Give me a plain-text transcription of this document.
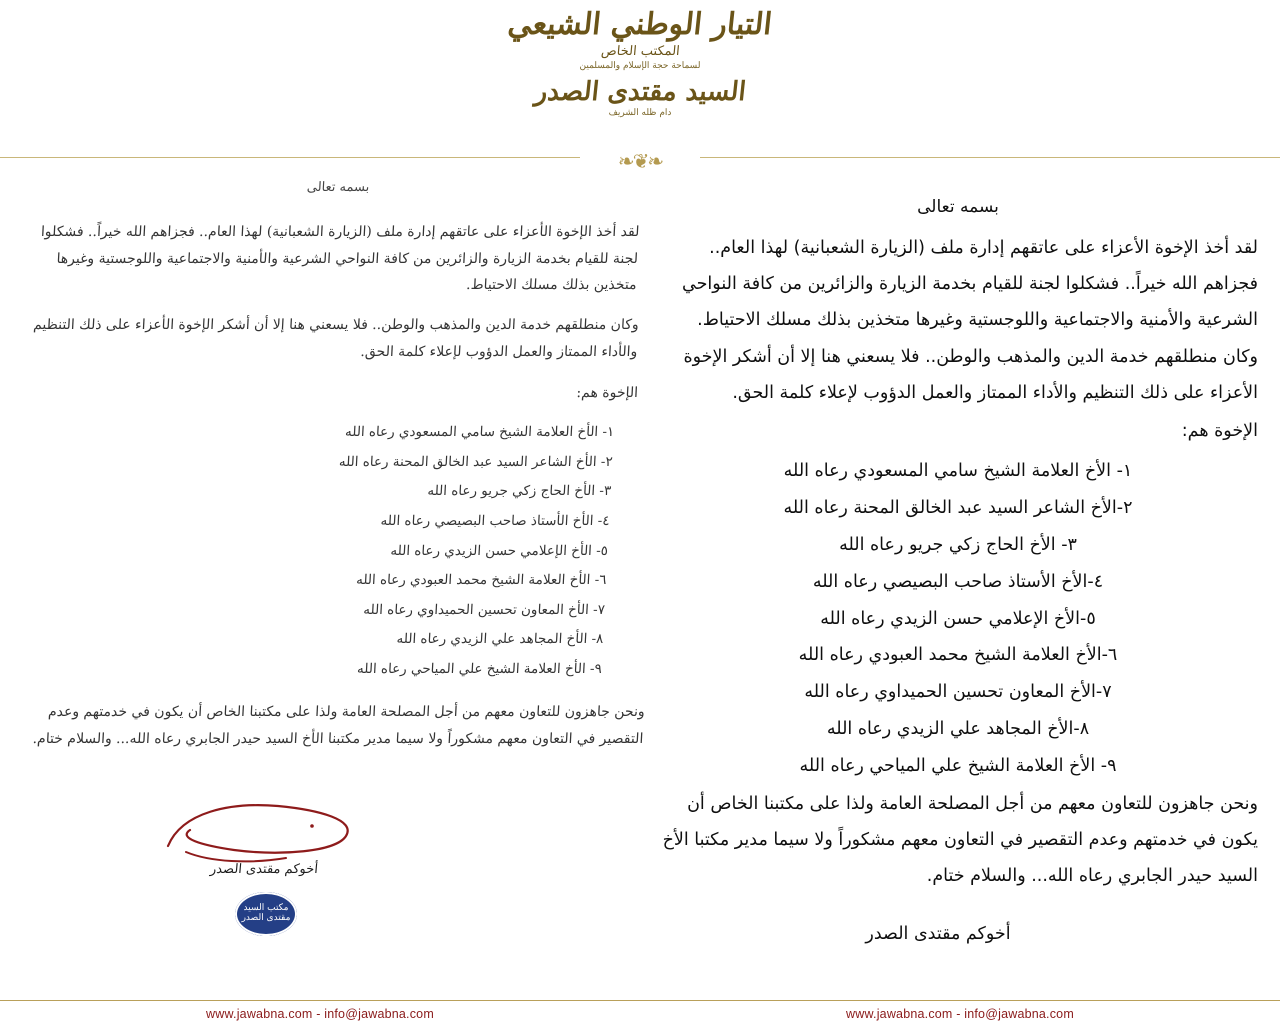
التيار الوطني الشيعي
المكتب الخاص
لسماحة حجة الإسلام والمسلمين
السيد مقتدى الصدر
دام ظله الشريف
❧❦❧
بسمه تعالى

لقد أخذ الإخوة الأعزاء على عاتقهم إدارة ملف (الزيارة الشعبانية) لهذا العام.. فجزاهم الله خيراً.. فشكلوا لجنة للقيام بخدمة الزيارة والزائرين من كافة النواحي الشرعية والأمنية والاجتماعية واللوجستية وغيرها متخذين بذلك مسلك الاحتياط.

وكان منطلقهم خدمة الدين والمذهب والوطن.. فلا يسعني هنا إلا أن أشكر الإخوة الأعزاء على ذلك التنظيم والأداء الممتاز والعمل الدؤوب لإعلاء كلمة الحق.

الإخوة هم:

١- الأخ العلامة الشيخ سامي المسعودي رعاه الله
٢-الأخ الشاعر السيد عبد الخالق المحنة رعاه الله
٣- الأخ الحاج زكي جريو رعاه الله
٤-الأخ الأستاذ صاحب البصيصي رعاه الله
٥-الأخ الإعلامي حسن الزيدي رعاه الله
٦-الأخ العلامة الشيخ محمد العبودي رعاه الله
٧-الأخ المعاون تحسين الحميداوي رعاه الله
٨-الأخ المجاهد علي الزيدي رعاه الله
٩- الأخ العلامة الشيخ علي المياحي رعاه الله

ونحن جاهزون للتعاون معهم من أجل المصلحة العامة ولذا على مكتبنا الخاص أن يكون في خدمتهم وعدم التقصير في التعاون معهم مشكوراً ولا سيما مدير مكتبا الأخ السيد حيدر الجابري رعاه الله... والسلام ختام.

أخوكم مقتدى الصدر
بسمه تعالى
لقد أخذ الإخوة الأعزاء على عاتقهم إدارة ملف (الزيارة الشعبانية) لهذا العام.. فجزاهم الله خيراً.. فشكلوا لجنة للقيام بخدمة الزيارة والزائرين من كافة النواحي الشرعية والأمنية والاجتماعية واللوجستية وغيرها متخذين بذلك مسلك الاحتياط.
وكان منطلقهم خدمة الدين والمذهب والوطن.. فلا يسعني هنا إلا أن أشكر الإخوة الأعزاء على ذلك التنظيم والأداء الممتاز والعمل الدؤوب لإعلاء كلمة الحق.
الإخوة هم:
١- الأخ العلامة الشيخ سامي المسعودي رعاه الله
٢- الأخ الشاعر السيد عبد الخالق المحنة رعاه الله
٣- الأخ الحاج زكي جريو رعاه الله
٤- الأخ الأستاذ صاحب البصيصي رعاه الله
٥- الأخ الإعلامي حسن الزيدي رعاه الله
٦- الأخ العلامة الشيخ محمد العبودي رعاه الله
٧- الأخ المعاون تحسين الحميداوي رعاه الله
٨- الأخ المجاهد علي الزيدي رعاه الله
٩- الأخ العلامة الشيخ علي المياحي رعاه الله
ونحن جاهزون للتعاون معهم من أجل المصلحة العامة ولذا على مكتبنا الخاص أن يكون في خدمتهم وعدم التقصير في التعاون معهم مشكوراً ولا سيما مدير مكتبنا الأخ السيد حيدر الجابري رعاه الله... والسلام ختام.
أخوكم مقتدى الصدر
مكتب السيد مقتدى الصدر
www.jawabna.com - info@jawabna.com	www.jawabna.com - info@jawabna.com
